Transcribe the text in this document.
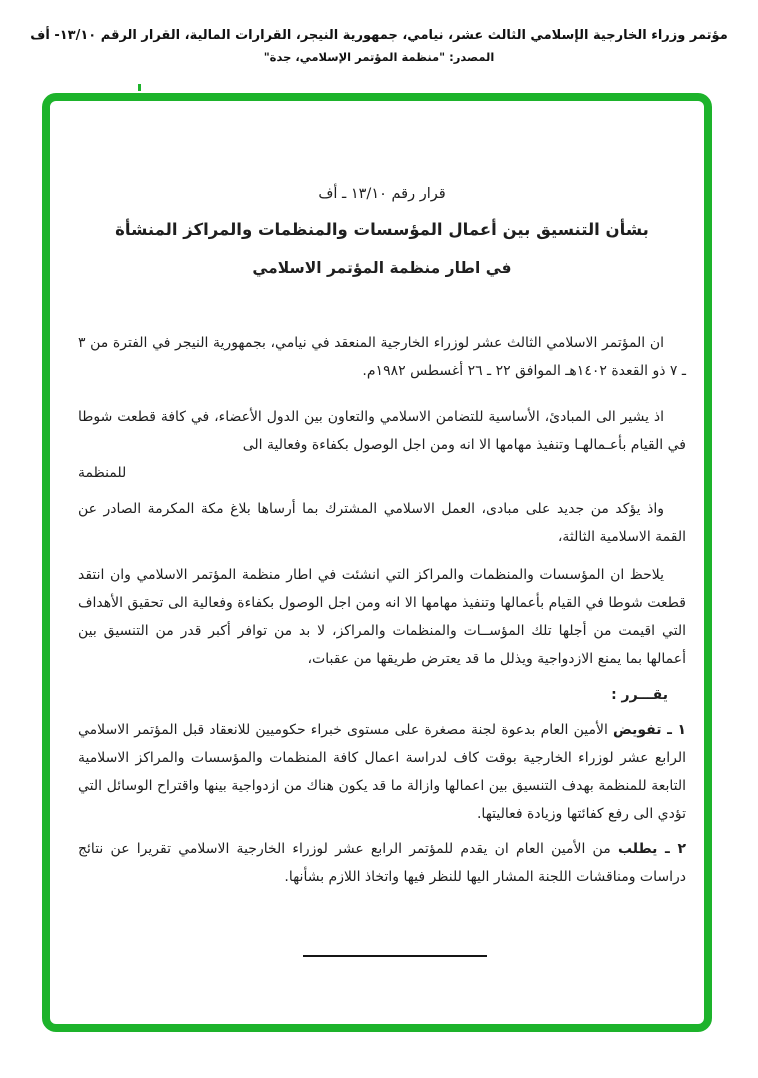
مؤتمر وزراء الخارجية الإسلامي الثالث عشر، نيامي، جمهورية النيجر، القرارات المالية، القرار الرقم ١٣/١٠- أف
المصدر: "منظمة المؤتمر الإسلامي، جدة"
قرار رقم ١٣/١٠ ـ أف
بشأن التنسيق بين أعمال المؤسسات والمنظمات والمراكز المنشأة
في اطار منظمة المؤتمر الاسلامي
ان المؤتمر الاسلامي الثالث عشر لوزراء الخارجية المنعقد في نيامي، بجمهورية النيجر في الفترة من ٣ ـ ٧ ذو القعدة ١٤٠٢هـ الموافق ٢٢ ـ ٢٦ أغسطس ١٩٨٢م.
اذ يشير الى المبادئ، الأساسية للتضامن الاسلامي والتعاون بين الدول الأعضاء، في كافة قطعت شوطا في القيام بأعـمالهـا وتنفيذ مهامها الا انه ومن اجل الوصول بكفاءة وفعالية الى
للمنظمة
واذ يؤكد من جديد على مبادى، العمل الاسلامي المشترك بما أرساها بلاغ مكة المكرمة الصادر عن القمة الاسلامية الثالثة،
يلاحظ ان المؤسسات والمنظمات والمراكز التي انشئت في اطار منظمة المؤتمر الاسلامي وان انتقد قطعت شوطا في القيام بأعمالها وتنفيذ مهامها الا انه ومن اجل الوصول بكفاءة وفعالية الى تحقيق الأهداف التي اقيمت من أجلها تلك المؤســات والمنظمات والمراكز، لا بد من توافر أكبر قدر من التنسيق بين أعمالها بما يمنع الازدواجية ويذلل ما قد يعترض طريقها من عقبات،
يقـــرر :
١ ـ تفويض الأمين العام بدعوة لجنة مصغرة على مستوى خبراء حكوميين للانعقاد قبل المؤتمر الاسلامي الرابع عشر لوزراء الخارجية بوقت كاف لدراسة اعمال كافة المنظمات والمؤسسات والمراكز الاسلامية التابعة للمنظمة بهدف التنسيق بين اعمالها وازالة ما قد يكون هناك من ازدواجية بينها واقتراح الوسائل التي تؤدي الى رفع كفائتها وزيادة فعاليتها.
٢ ـ يطلب من الأمين العام ان يقدم للمؤتمر الرابع عشر لوزراء الخارجية الاسلامي تقريرا عن نتائج دراسات ومناقشات اللجنة المشار اليها للنظر فيها واتخاذ اللازم بشأنها.
